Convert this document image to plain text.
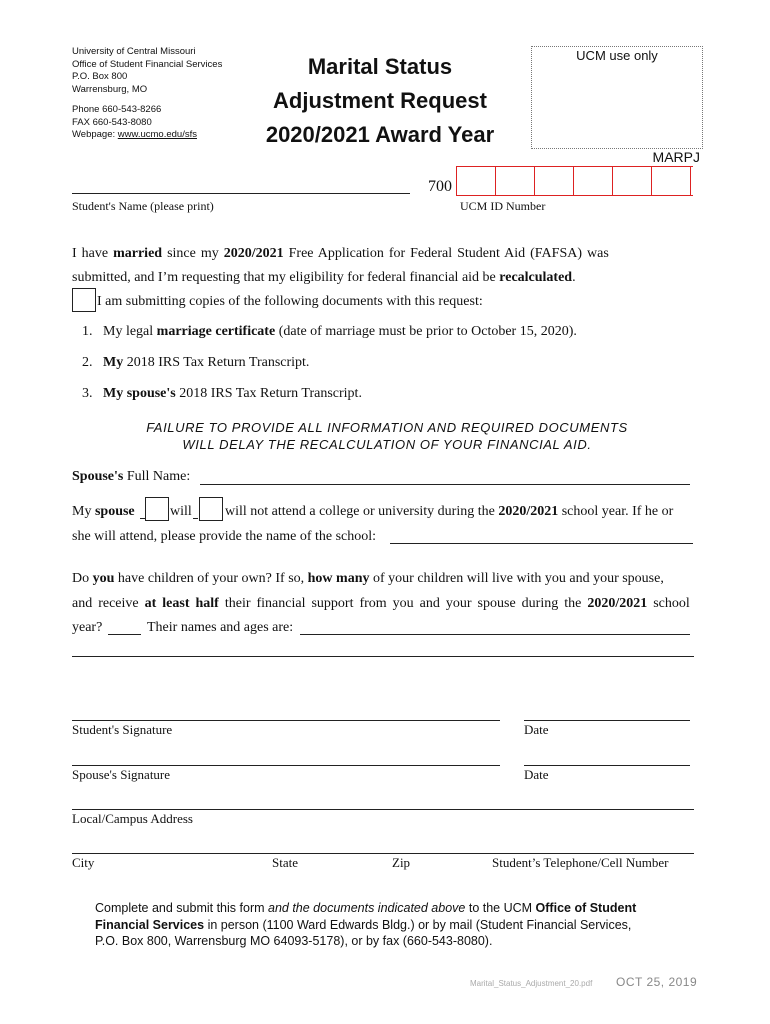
University of Central Missouri
Office of Student Financial Services
P.O. Box 800
Warrensburg, MO
Phone 660-543-8266
FAX 660-543-8080
Webpage: www.ucmo.edu/sfs
Marital Status
Adjustment Request
2020/2021 Award Year
UCM use only
MARPJ
Student's Name (please print)
700
UCM ID Number
I have married since my 2020/2021 Free Application for Federal Student Aid (FAFSA) was
submitted, and I’m requesting that my eligibility for federal financial aid be recalculated.
I am submitting copies of the following documents with this request:
1. My legal marriage certificate (date of marriage must be prior to October 15, 2020).
2. My 2018 IRS Tax Return Transcript.
3. My spouse's 2018 IRS Tax Return Transcript.
FAILURE TO PROVIDE ALL INFORMATION AND REQUIRED DOCUMENTS
WILL DELAY THE RECALCULATION OF YOUR FINANCIAL AID.
Spouse's Full Name:
My spouse	will will not attend a college or university during the 2020/2021 school year. If he or
she will attend, please provide the name of the school:
Do you have children of your own? If so, how many of your children will live with you and your spouse,
and receive at least half their financial support from you and your spouse during the 2020/2021 school
year?	Their names and ages are:
Student's Signature	Date
Spouse's Signature	Date
Local/Campus Address
City	State	Zip	Student’s Telephone/Cell Number
Complete and submit this form and the documents indicated above to the UCM Office of Student
Financial Services in person (1100 Ward Edwards Bldg.) or by mail (Student Financial Services,
P.O. Box 800, Warrensburg MO 64093-5178), or by fax (660-543-8080).
Marital_Status_Adjustment_20.pdf OCT 25, 2019
